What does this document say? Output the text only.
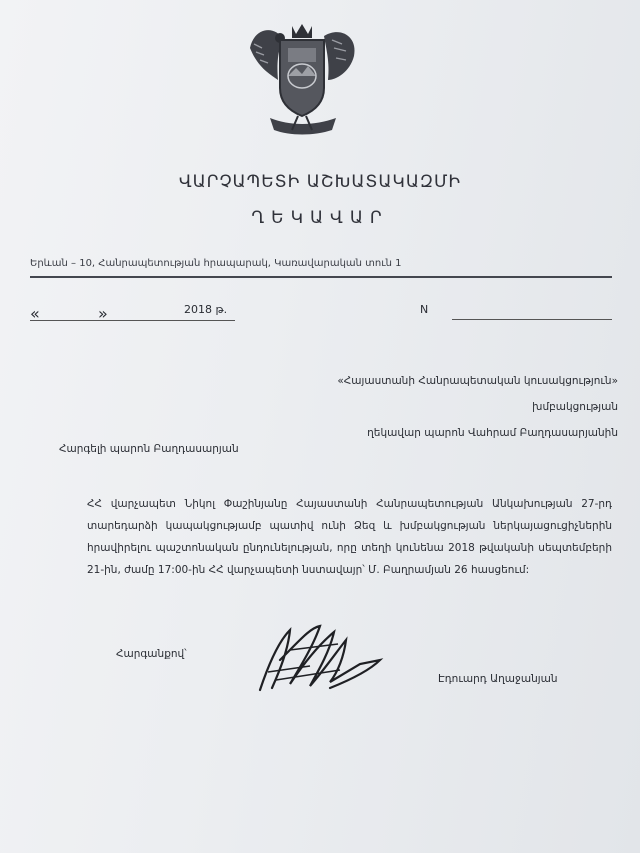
ՎԱՐՉԱՊԵՏԻ ԱՇԽԱՏԱԿԱԶՄԻ
ՂԵԿԱՎԱՐ
Երևան – 10, Հանրապետության հրապարակ, Կառավարական տուն 1
«	»	2018 թ.	N
«Հայաստանի Հանրապետական կուսակցություն» խմբակցության
ղեկավար պարոն Վահրամ Բաղդասարյանին
Հարգելի պարոն Բաղդասարյան
ՀՀ վարչապետ Նիկոլ Փաշինյանը Հայաստանի Հանրապետության Անկախության 27-րդ տարեդարձի կապակցությամբ պատիվ ունի Ձեզ և խմբակցության ներկայացուցիչներին հրավիրելու պաշտոնական ընդունելության, որը տեղի կունենա 2018 թվականի սեպտեմբերի 21-ին, ժամը 17:00-ին ՀՀ վարչապետի նստավայր՝ Մ. Բաղրամյան 26 հասցեում:
Հարգանքով՝
Էդուարդ Աղաջանյան
